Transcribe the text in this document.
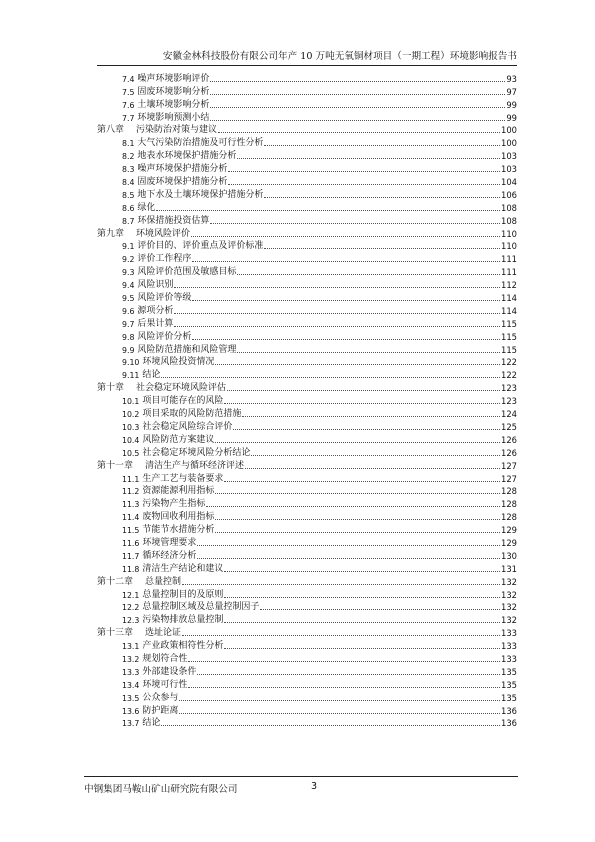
安徽金林科技股份有限公司年产 10 万吨无氧铜材项目（一期工程）环境影响报告书
7.4 噪声环境影响评价	93
7.5 固废环境影响分析	97
7.6 土壤环境影响分析	99
7.7 环境影响预测小结	99
第八章 污染防治对策与建议	100
8.1 大气污染防治措施及可行性分析	100
8.2 地表水环境保护措施分析	103
8.3 噪声环境保护措施分析	103
8.4 固废环境保护措施分析	104
8.5 地下水及土壤环境保护措施分析	106
8.6 绿化	108
8.7 环保措施投资估算	108
第九章 环境风险评价	110
9.1 评价目的、评价重点及评价标准	110
9.2 评价工作程序	111
9.3 风险评价范围及敏感目标	111
9.4 风险识别	112
9.5 风险评价等级	114
9.6 源项分析	114
9.7 后果计算	115
9.8 风险评价分析	115
9.9 风险防范措施和风险管理	115
9.10 环境风险投资情况	122
9.11 结论	122
第十章 社会稳定环境风险评估	123
10.1 项目可能存在的风险	123
10.2 项目采取的风险防范措施	124
10.3 社会稳定风险综合评价	125
10.4 风险防范方案建议	126
10.5 社会稳定环境风险分析结论	126
第十一章 清洁生产与循环经济评述	127
11.1 生产工艺与装备要求	127
11.2 资源能源利用指标	128
11.3 污染物产生指标	128
11.4 废物回收利用指标	128
11.5 节能节水措施分析	129
11.6 环境管理要求	129
11.7 循环经济分析	130
11.8 清洁生产结论和建议	131
第十二章 总量控制	132
12.1 总量控制目的及原则	132
12.2 总量控制区域及总量控制因子	132
12.3 污染物排放总量控制	132
第十三章 选址论证	133
13.1 产业政策相符性分析	133
13.2 规划符合性	133
13.3 外部建设条件	135
13.4 环境可行性	135
13.5 公众参与	135
13.6 防护距离	136
13.7 结论	136
中钢集团马鞍山矿山研究院有限公司	3
